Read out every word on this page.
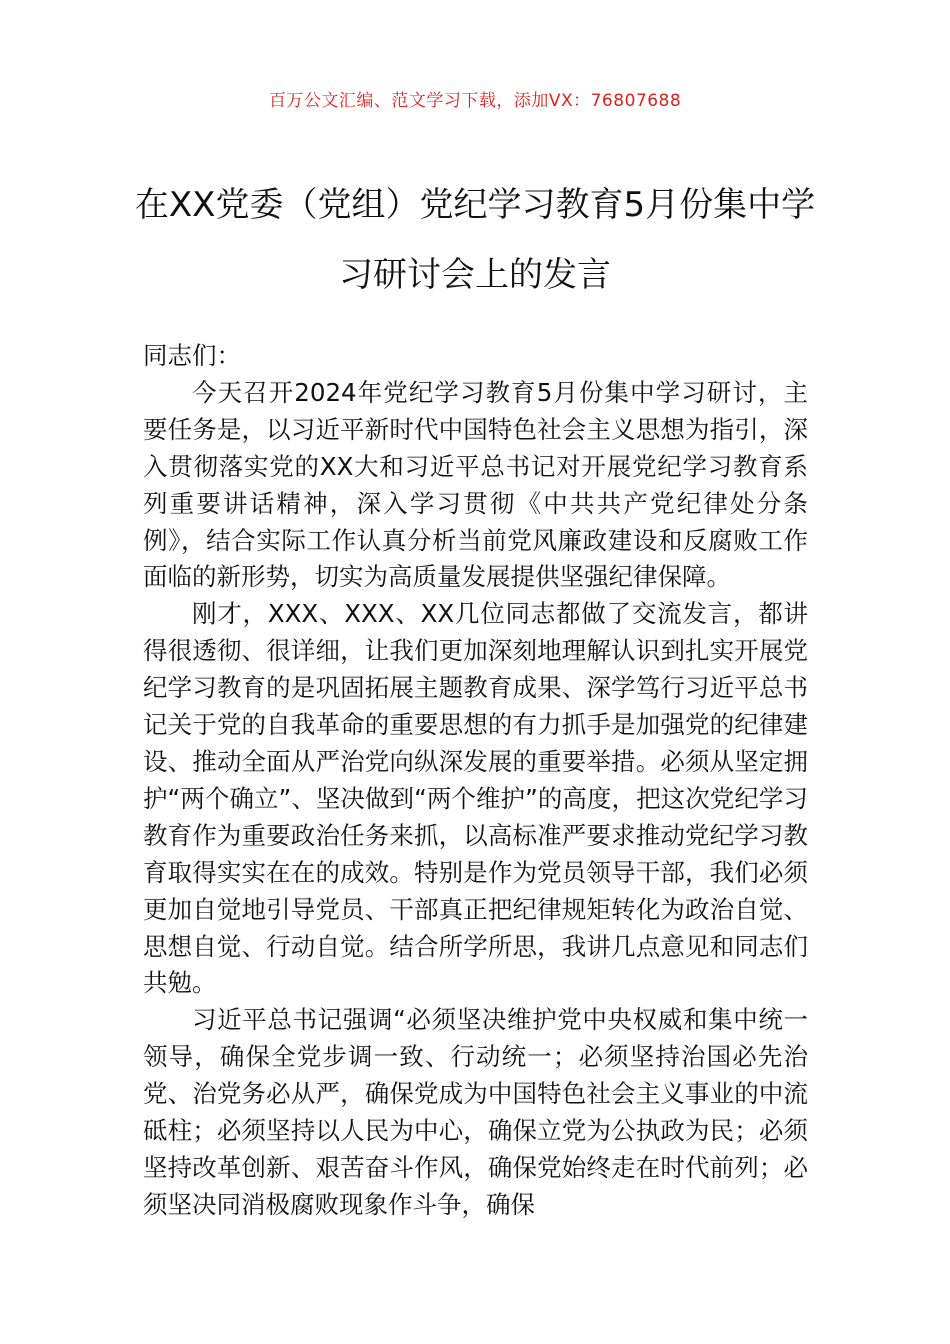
百万公文汇编、范文学习下载，添加VX：76807688
在XX党委（党组）党纪学习教育5月份集中学习研讨会上的发言

同志们：

今天召开2024年党纪学习教育5月份集中学习研讨，主要任务是，以习近平新时代中国特色社会主义思想为指引，深入贯彻落实党的XX大和习近平总书记对开展党纪学习教育系列重要讲话精神，深入学习贯彻《中共共产党纪律处分条例》，结合实际工作认真分析当前党风廉政建设和反腐败工作面临的新形势，切实为高质量发展提供坚强纪律保障。

刚才，XXX、XXX、XX几位同志都做了交流发言，都讲得很透彻、很详细，让我们更加深刻地理解认识到扎实开展党纪学习教育的是巩固拓展主题教育成果、深学笃行习近平总书记关于党的自我革命的重要思想的有力抓手是加强党的纪律建设、推动全面从严治党向纵深发展的重要举措。必须从坚定拥护“两个确立”、坚决做到“两个维护”的高度，把这次党纪学习教育作为重要政治任务来抓，以高标准严要求推动党纪学习教育取得实实在在的成效。特别是作为党员领导干部，我们必须更加自觉地引导党员、干部真正把纪律规矩转化为政治自觉、思想自觉、行动自觉。结合所学所思，我讲几点意见和同志们共勉。

习近平总书记强调“必须坚决维护党中央权威和集中统一领导，确保全党步调一致、行动统一；必须坚持治国必先治党、治党务必从严，确保党成为中国特色社会主义事业的中流砥柱；必须坚持以人民为中心，确保立党为公执政为民；必须坚持改革创新、艰苦奋斗作风，确保党始终走在时代前列；必须坚决同消极腐败现象作斗争，确保
